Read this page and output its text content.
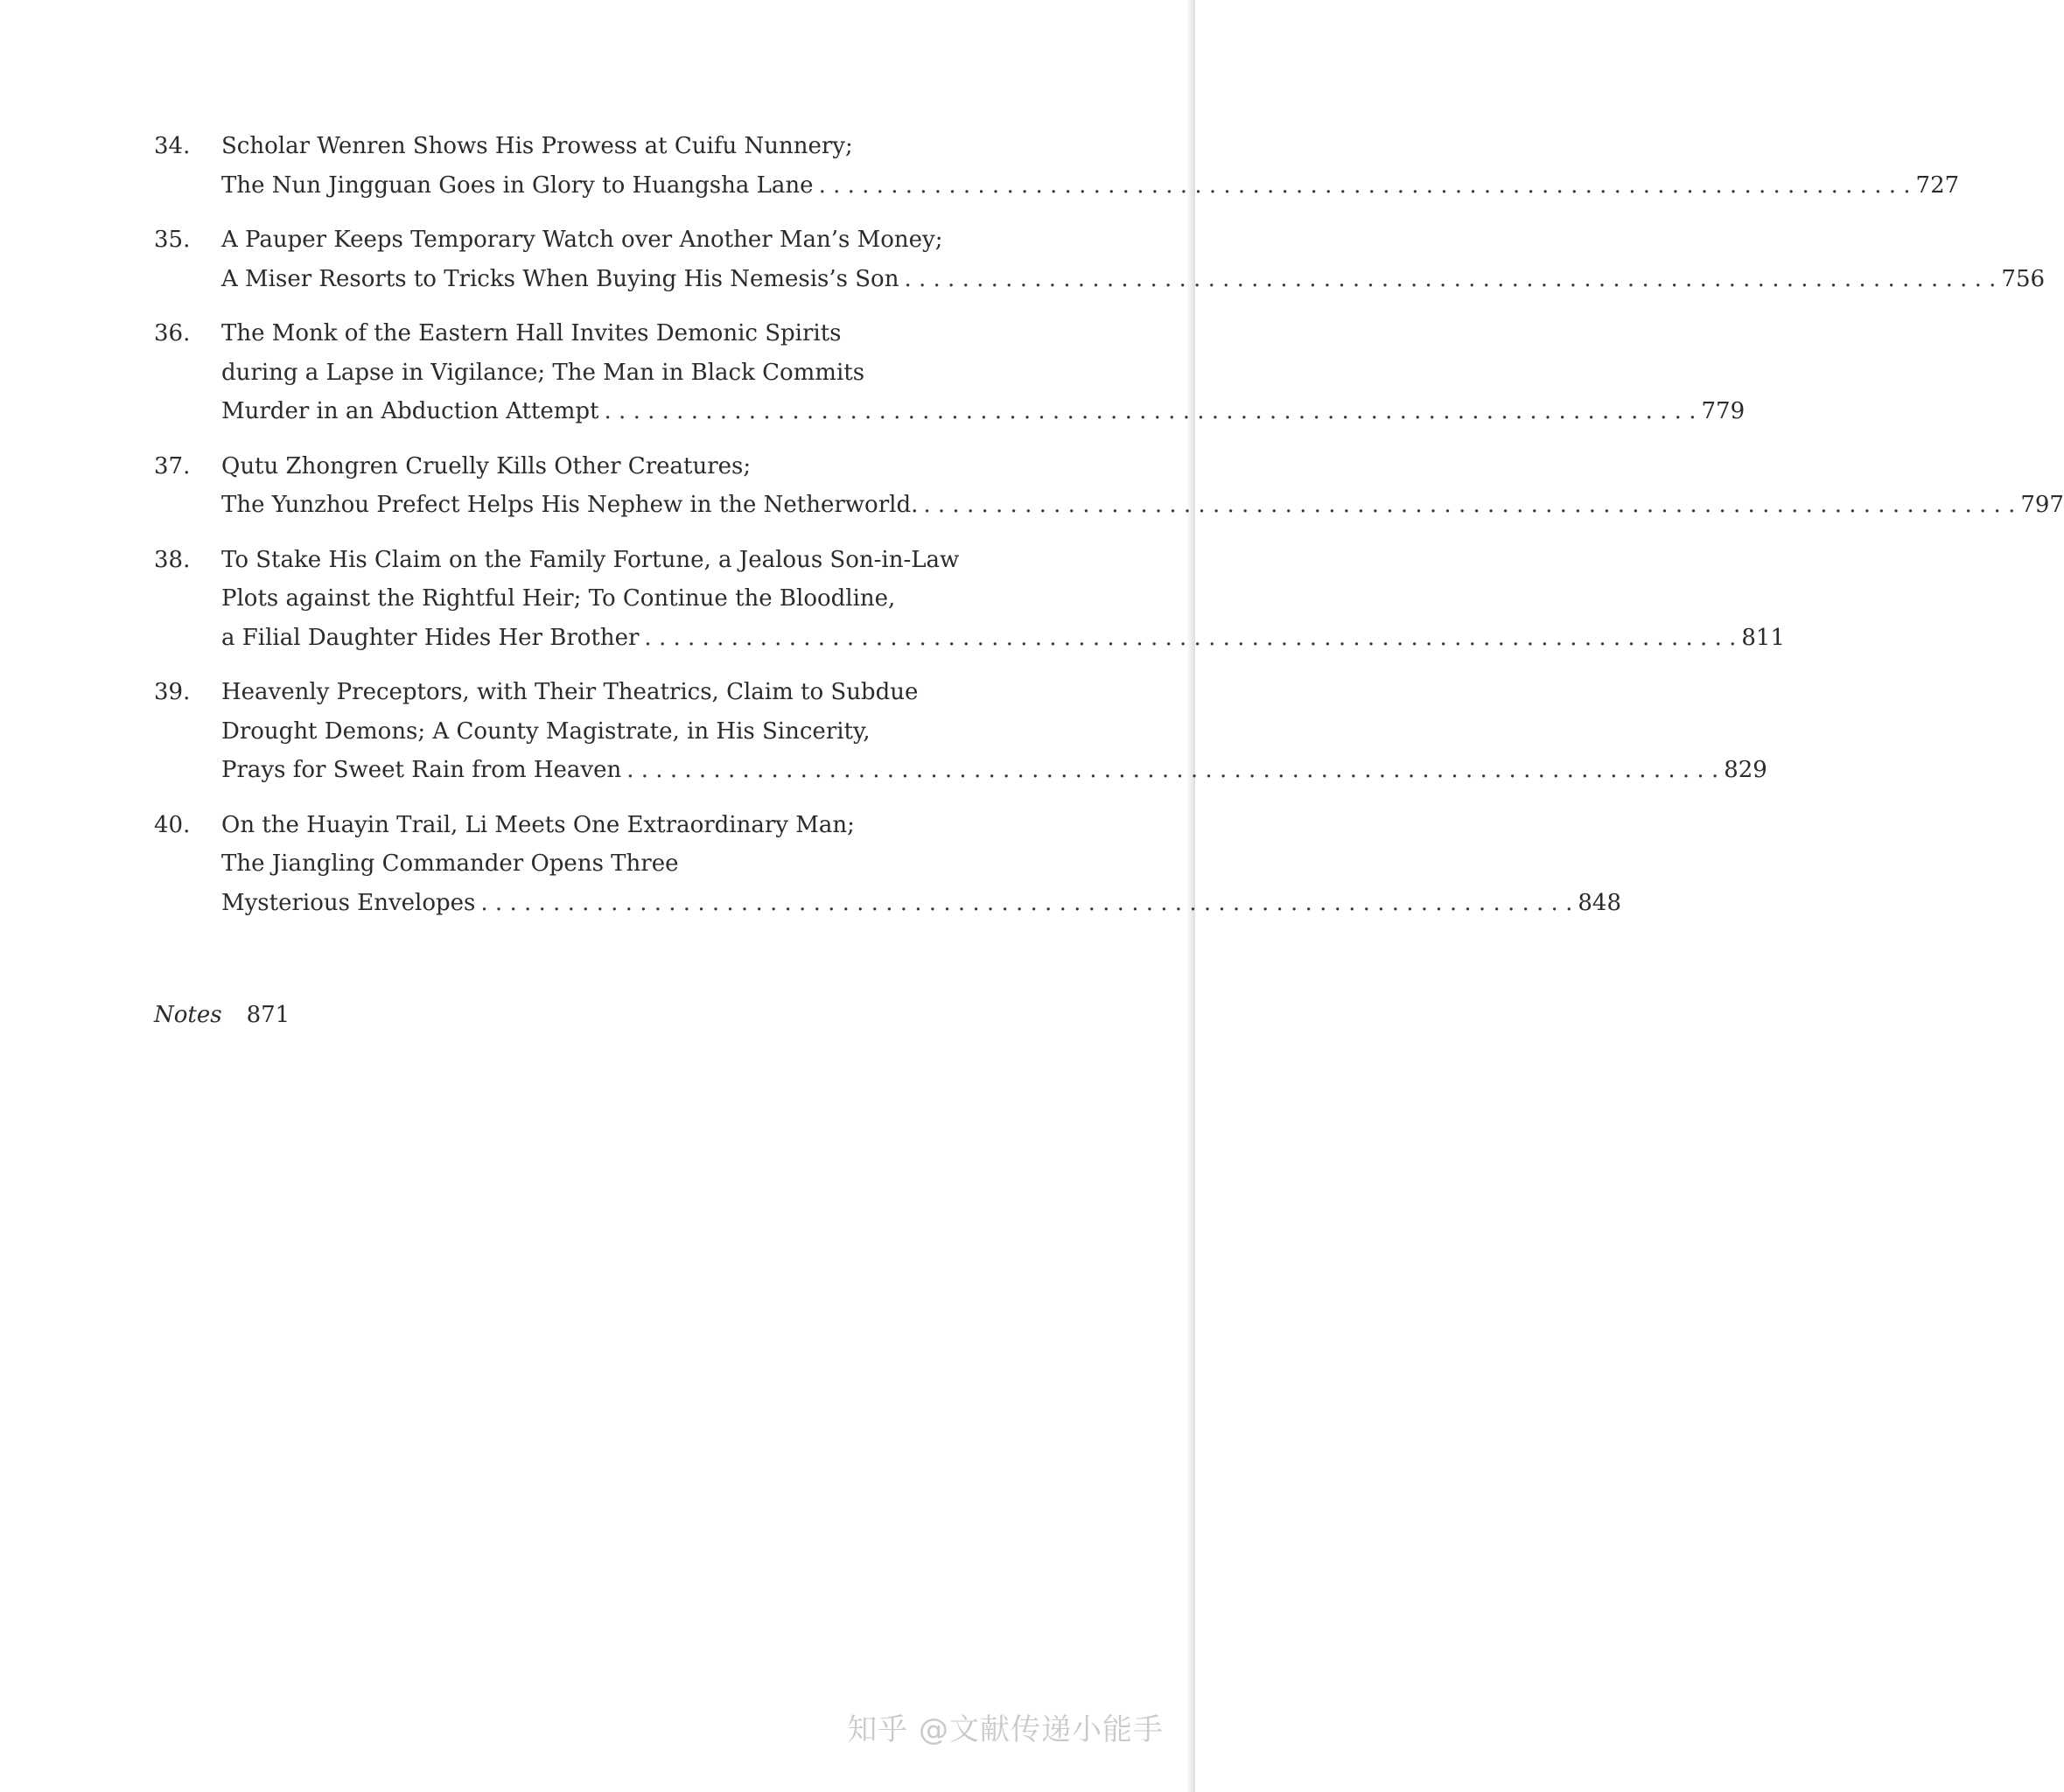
34.	Scholar Wenren Shows His Prowess at Cuifu Nunnery;
The Nun Jingguan Goes in Glory to Huangsha Lane . . .	727
35.	A Pauper Keeps Temporary Watch over Another Man’s Money;
A Miser Resorts to Tricks When Buying His Nemesis’s Son . . .	756
36.	The Monk of the Eastern Hall Invites Demonic Spirits
during a Lapse in Vigilance; The Man in Black Commits
Murder in an Abduction Attempt . . .	779
37.	Qutu Zhongren Cruelly Kills Other Creatures;
The Yunzhou Prefect Helps His Nephew in the Netherworld. . . .	797
38.	To Stake His Claim on the Family Fortune, a Jealous Son-in-Law
Plots against the Rightful Heir; To Continue the Bloodline,
a Filial Daughter Hides Her Brother . . .	811
39.	Heavenly Preceptors, with Their Theatrics, Claim to Subdue
Drought Demons; A County Magistrate, in His Sincerity,
Prays for Sweet Rain from Heaven . . .	829
40.	On the Huayin Trail, Li Meets One Extraordinary Man;
The Jiangling Commander Opens Three
Mysterious Envelopes . . .	848
Notes 871
知乎 @文献传递小能手
